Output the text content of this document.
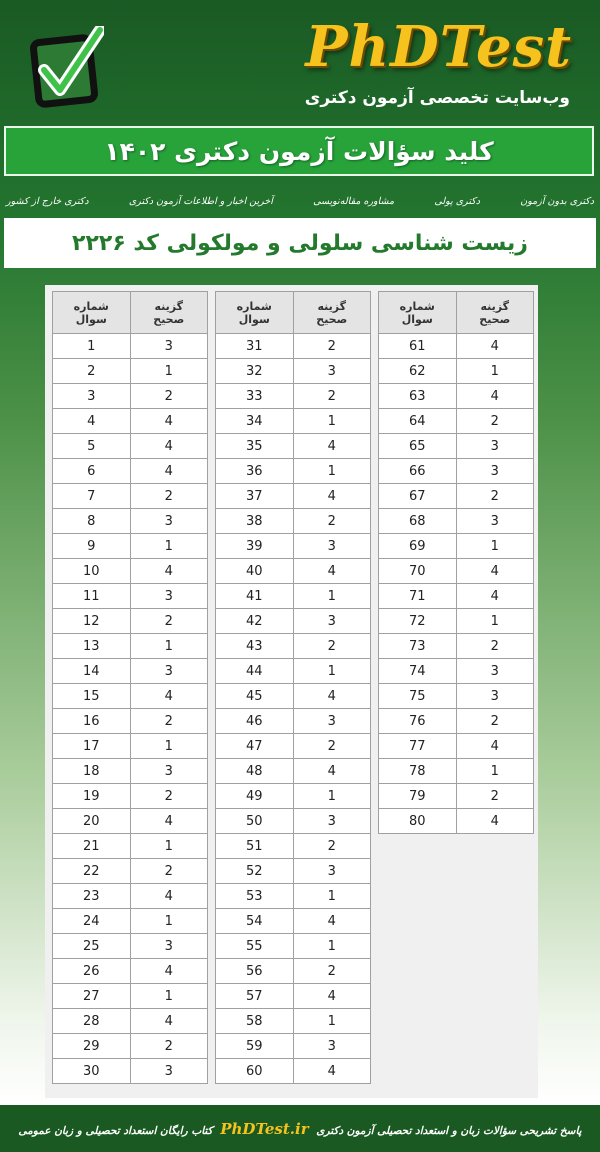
PhDTest
وب‌سایت تخصصی آزمون دکتری
کلید سؤالات آزمون دکتری ۱۴۰۲
دکتری بدون آزمون
دکتری پولی
مشاوره مقاله‌نویسی
آخرین اخبار و اطلاعات آزمون دکتری
دکتری خارج از کشور
زیست شناسی سلولی و مولکولی کد ۲۲۲۶
شماره
سوال	گزینه
صحیح
1	3
2	1
3	2
4	4
5	4
6	4
7	2
8	3
9	1
10	4
11	3
12	2
13	1
14	3
15	4
16	2
17	1
18	3
19	2
20	4
21	1
22	2
23	4
24	1
25	3
26	4
27	1
28	4
29	2
30	3
شماره
سوال	گزینه
صحیح
31	2
32	3
33	2
34	1
35	4
36	1
37	4
38	2
39	3
40	4
41	1
42	3
43	2
44	1
45	4
46	3
47	2
48	4
49	1
50	3
51	2
52	3
53	1
54	4
55	1
56	2
57	4
58	1
59	3
60	4
شماره
سوال	گزینه
صحیح
61	4
62	1
63	4
64	2
65	3
66	3
67	2
68	3
69	1
70	4
71	4
72	1
73	2
74	3
75	3
76	2
77	4
78	1
79	2
80	4
پاسخ تشریحی سؤالات زبان و استعداد تحصیلی آزمون دکتری PhDTest.ir کتاب رایگان استعداد تحصیلی و زبان عمومی
